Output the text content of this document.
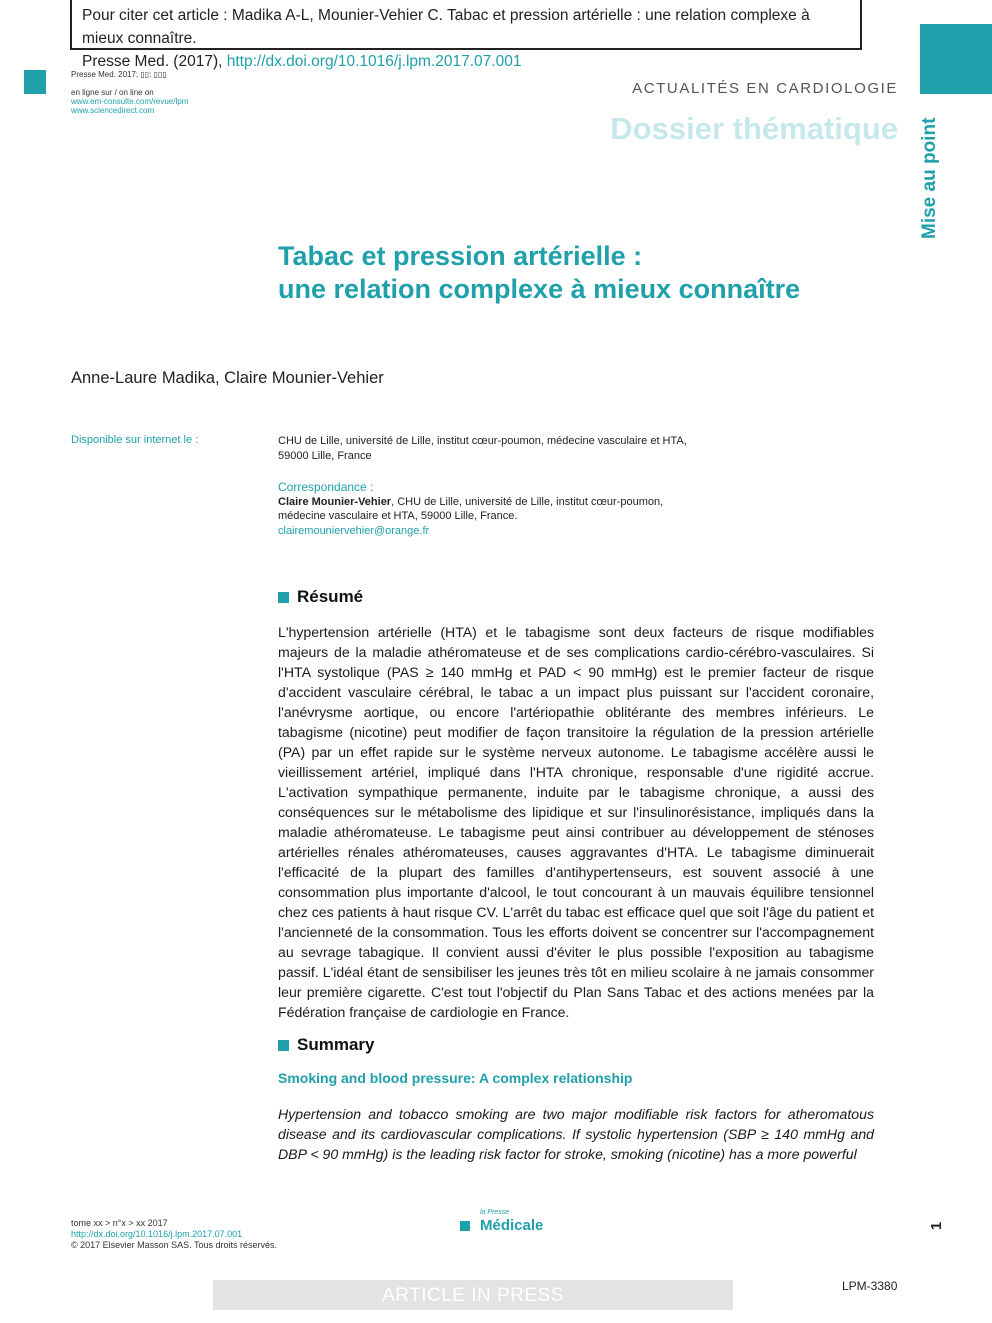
Pour citer cet article : Madika A-L, Mounier-Vehier C. Tabac et pression artérielle : une relation complexe à mieux connaître.
Presse Med. (2017), http://dx.doi.org/10.1016/j.lpm.2017.07.001
Presse Med. 2017; ▯▯: ▯▯▯
en ligne sur / on line on
www.em-consulte.com/revue/lpm
www.sciencedirect.com
ACTUALITÉS EN CARDIOLOGIE
Dossier thématique Mise au point
Tabac et pression artérielle :
une relation complexe à mieux connaître
Anne-Laure Madika, Claire Mounier-Vehier
Disponible sur internet le :	CHU de Lille, université de Lille, institut cœur-poumon, médecine vasculaire et HTA,
59000 Lille, France
Correspondance :
Claire Mounier-Vehier, CHU de Lille, université de Lille, institut cœur-poumon,
médecine vasculaire et HTA, 59000 Lille, France.
clairemouniervehier@orange.fr
Résumé
L'hypertension artérielle (HTA) et le tabagisme sont deux facteurs de risque modifiables majeurs de la maladie athéromateuse et de ses complications cardio-cérébro-vasculaires. Si l'HTA systolique (PAS ≥ 140 mmHg et PAD < 90 mmHg) est le premier facteur de risque d'accident vasculaire cérébral, le tabac a un impact plus puissant sur l'accident coronaire, l'anévrysme aortique, ou encore l'artériopathie oblitérante des membres inférieurs. Le tabagisme (nicotine) peut modifier de façon transitoire la régulation de la pression artérielle (PA) par un effet rapide sur le système nerveux autonome. Le tabagisme accélère aussi le vieillissement artériel, impliqué dans l'HTA chronique, responsable d'une rigidité accrue. L'activation sympathique permanente, induite par le tabagisme chronique, a aussi des conséquences sur le métabolisme des lipidique et sur l'insulinorésistance, impliqués dans la maladie athéromateuse. Le tabagisme peut ainsi contribuer au développement de sténoses artérielles rénales athéromateuses, causes aggravantes d'HTA. Le tabagisme diminuerait l'efficacité de la plupart des familles d'antihypertenseurs, est souvent associé à une consommation plus importante d'alcool, le tout concourant à un mauvais équilibre tensionnel chez ces patients à haut risque CV. L'arrêt du tabac est efficace quel que soit l'âge du patient et l'ancienneté de la consommation. Tous les efforts doivent se concentrer sur l'accompagnement au sevrage tabagique. Il convient aussi d'éviter le plus possible l'exposition au tabagisme passif. L'idéal étant de sensibiliser les jeunes très tôt en milieu scolaire à ne jamais consommer leur première cigarette. C'est tout l'objectif du Plan Sans Tabac et des actions menées par la Fédération française de cardiologie en France.
Summary
Smoking and blood pressure: A complex relationship
Hypertension and tobacco smoking are two major modifiable risk factors for atheromatous disease and its cardiovascular complications. If systolic hypertension (SBP ≥ 140 mmHg and DBP < 90 mmHg) is the leading risk factor for stroke, smoking (nicotine) has a more powerful
tome xx > n°x > xx 2017
http://dx.doi.org/10.1016/j.lpm.2017.07.001
© 2017 Elsevier Masson SAS. Tous droits réservés.
la Presse
Médicale	1
ARTICLE IN PRESS	LPM-3380
